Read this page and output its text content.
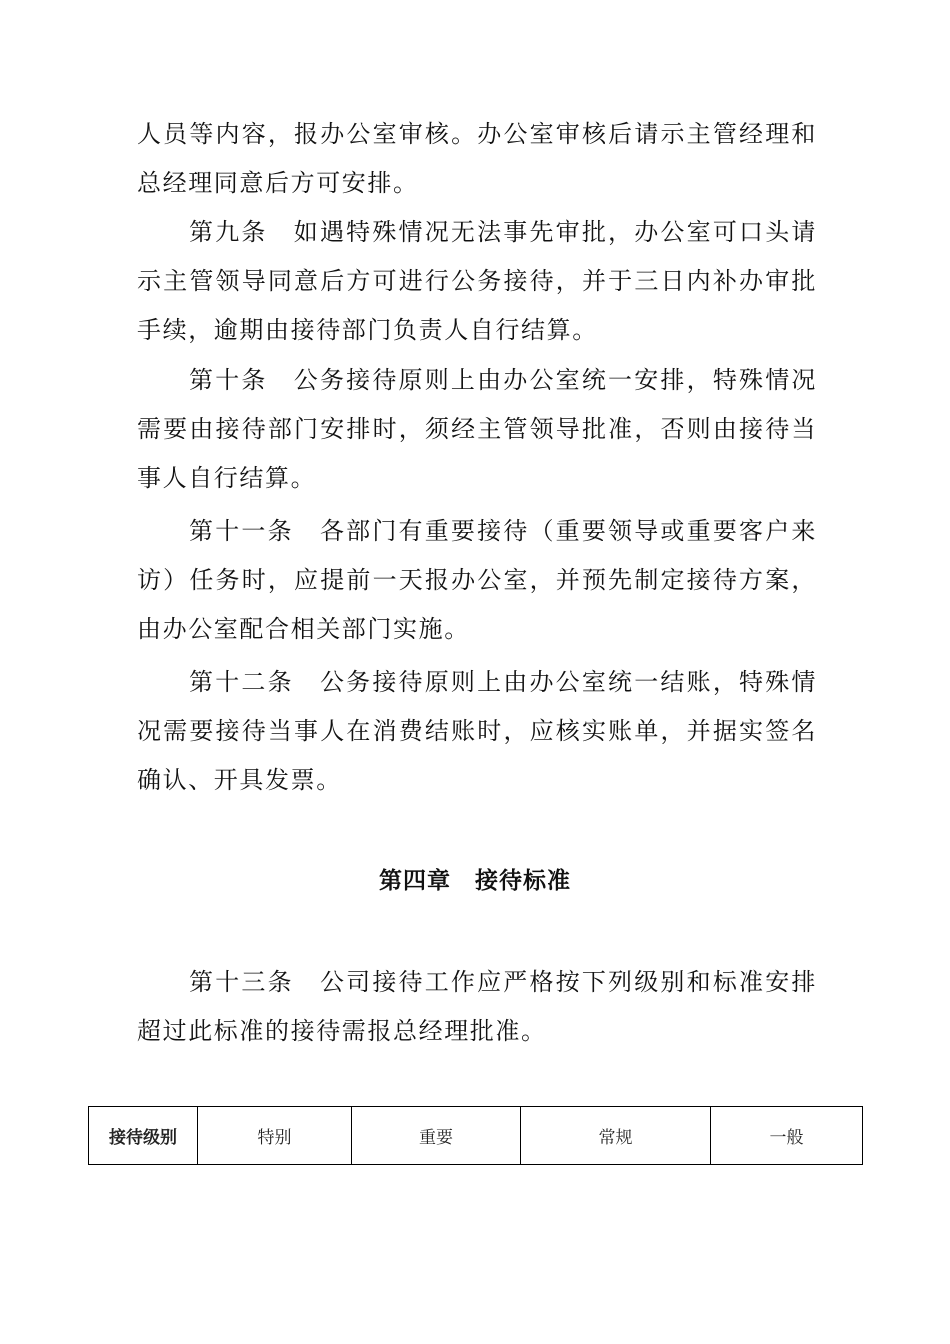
人员等内容，报办公室审核。办公室审核后请示主管经理和总经理同意后方可安排。

第九条　如遇特殊情况无法事先审批，办公室可口头请示主管领导同意后方可进行公务接待，并于三日内补办审批手续，逾期由接待部门负责人自行结算。

第十条　公务接待原则上由办公室统一安排，特殊情况需要由接待部门安排时，须经主管领导批准，否则由接待当事人自行结算。

第十一条　各部门有重要接待（重要领导或重要客户来访）任务时，应提前一天报办公室，并预先制定接待方案，由办公室配合相关部门实施。

第十二条　公务接待原则上由办公室统一结账，特殊情况需要接待当事人在消费结账时，应核实账单，并据实签名确认、开具发票。

第四章　接待标准

第十三条　公司接待工作应严格按下列级别和标准安排超过此标准的接待需报总经理批准。

接待级别	特别	重要	常规	一般
